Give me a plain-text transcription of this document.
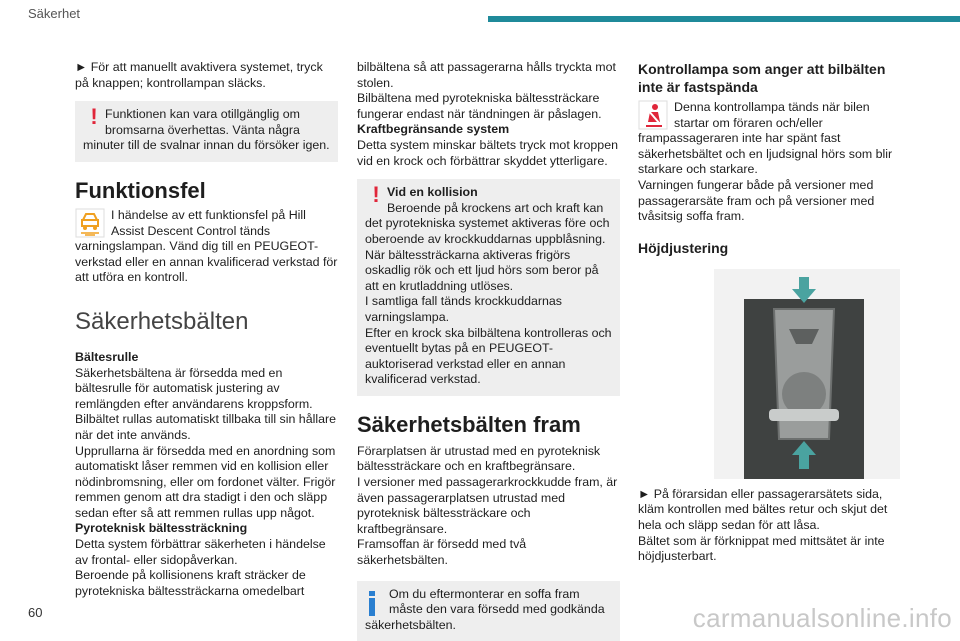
Säkerhet

► För att manuellt avaktivera systemet, tryck på knappen; kontrollampan släcks.

! Funktionen kan vara otillgänglig om bromsarna överhettas. Vänta några minuter till de svalnar innan du försöker igen.

Funktionsfel

I händelse av ett funktionsfel på Hill Assist Descent Control tänds varningslampan. Vänd dig till en PEUGEOT-verkstad eller en annan kvalificerad verkstad för att utföra en kontroll.

Säkerhetsbälten

Bältesrulle

Säkerhetsbältena är försedda med en bältesrulle för automatisk justering av remlängden efter användarens kroppsform. Bilbältet rullas automatiskt tillbaka till sin hållare när det inte används.

Upprullarna är försedda med en anordning som automatiskt låser remmen vid en kollision eller nödinbromsning, eller om fordonet välter. Frigör remmen genom att dra stadigt i den och släpp sedan efter så att remmen rullas upp något.

Pyroteknisk bältessträckning

Detta system förbättrar säkerheten i händelse av frontal- eller sidopåverkan.

Beroende på kollisionens kraft sträcker de pyrotekniska bältessträckarna omedelbart

bilbältena så att passagerarna hålls tryckta mot stolen.

Bilbältena med pyrotekniska bältessträckare fungerar endast när tändningen är påslagen.

Kraftbegränsande system

Detta system minskar bältets tryck mot kroppen vid en krock och förbättrar skyddet ytterligare.

! Vid en kollision

Beroende på krockens art och kraft kan det pyrotekniska systemet aktiveras före och oberoende av krockkuddarnas uppblåsning. När bältessträckarna aktiveras frigörs oskadlig rök och ett ljud hörs som beror på att en krutladdning utlöses.

I samtliga fall tänds krockkuddarnas varningslampa.

Efter en krock ska bilbältena kontrolleras och eventuellt bytas på en PEUGEOT-auktoriserad verkstad eller en annan kvalificerad verkstad.

Säkerhetsbälten fram

Förarplatsen är utrustad med en pyroteknisk bältessträckare och en kraftbegränsare.

I versioner med passagerarkrockkudde fram, är även passagerarplatsen utrustad med pyroteknisk bältessträckare och kraftbegränsare.

Framsoffan är försedd med två säkerhetsbälten.

Om du eftermonterar en soffa fram måste den vara försedd med godkända säkerhetsbälten.

Kontrollampa som anger att bilbälten inte är fastspända

Denna kontrollampa tänds när bilen startar om föraren och/eller frampassageraren inte har spänt fast säkerhetsbältet och en ljudsignal hörs som blir starkare och starkare.

Varningen fungerar både på versioner med passagerarsäte fram och på versioner med tvåsitsig soffa fram.

Höjdjustering

► På förarsidan eller passagerarsätets sida, kläm kontrollen med bältes retur och skjut det hela och släpp sedan för att låsa.

Bältet som är förknippat med mittsätet är inte höjdjusterbart.

60	carmanualsonline.info
